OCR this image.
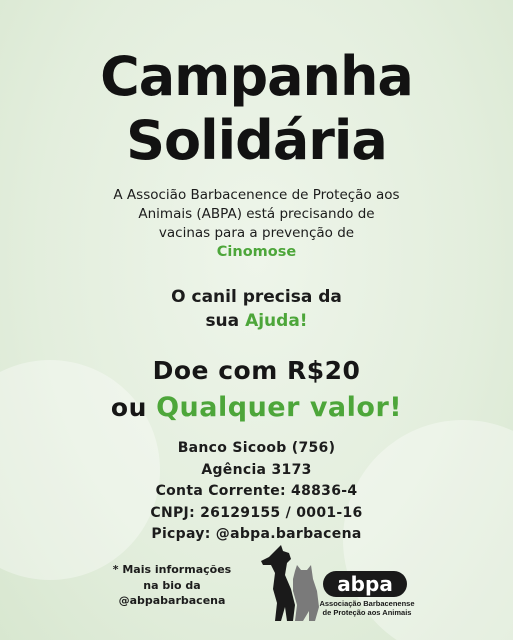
Campanha
Solidária
A Associão Barbacenence de Proteção aos
Animais (ABPA) está precisando de
vacinas para a prevenção de
Cinomose
O canil precisa da
sua Ajuda!
Doe com R$20
ou Qualquer valor!
Banco Sicoob (756)
Agência 3173
Conta Corrente: 48836-4
CNPJ: 26129155 / 0001-16
Picpay: @abpa.barbacena
* Mais informações
na bio da
@abpabarbacena
abpa
Associação Barbacenense
de Proteção aos Animais
